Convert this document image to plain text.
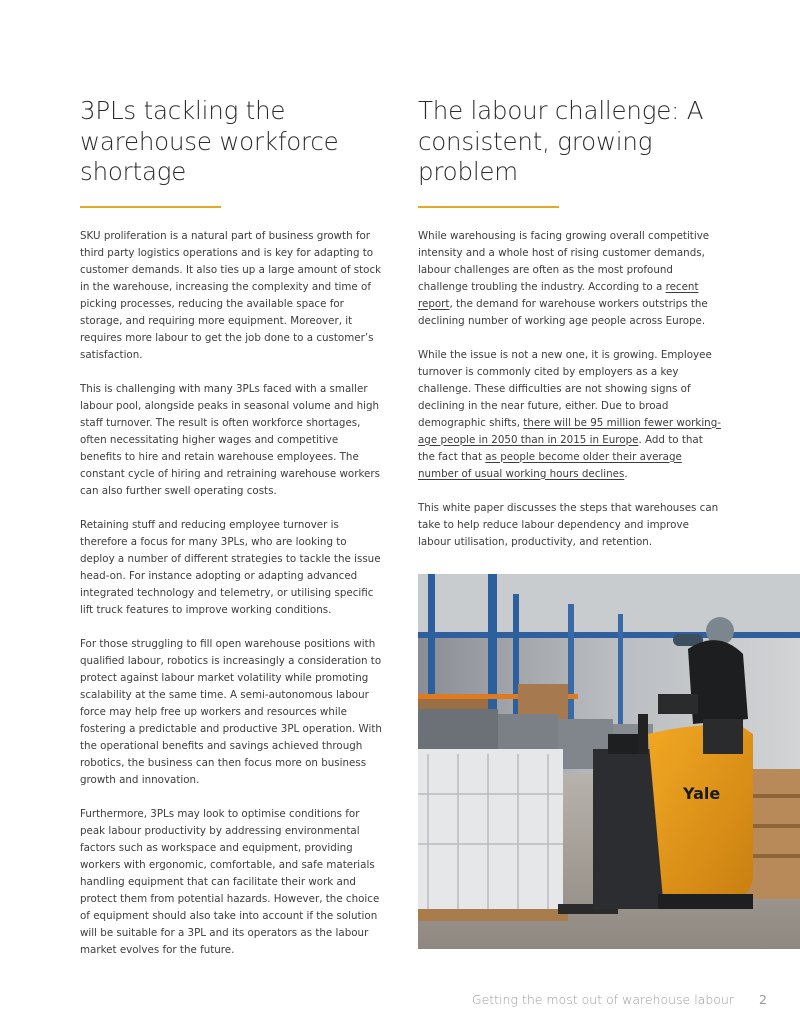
3PLs tackling the warehouse workforce shortage

SKU proliferation is a natural part of business growth for third party logistics operations and is key for adapting to customer demands. It also ties up a large amount of stock in the warehouse, increasing the complexity and time of picking processes, reducing the available space for storage, and requiring more equipment. Moreover, it requires more labour to get the job done to a customer’s satisfaction.

This is challenging with many 3PLs faced with a smaller labour pool, alongside peaks in seasonal volume and high staff turnover. The result is often workforce shortages, often necessitating higher wages and competitive benefits to hire and retain warehouse employees. The constant cycle of hiring and retraining warehouse workers can also further swell operating costs.

Retaining stuff and reducing employee turnover is therefore a focus for many 3PLs, who are looking to deploy a number of different strategies to tackle the issue head-on. For instance adopting or adapting advanced integrated technology and telemetry, or utilising specific lift truck features to improve working conditions.

For those struggling to fill open warehouse positions with qualified labour, robotics is increasingly a consideration to protect against labour market volatility while promoting scalability at the same time. A semi-autonomous labour force may help free up workers and resources while fostering a predictable and productive 3PL operation. With the operational benefits and savings achieved through robotics, the business can then focus more on business growth and innovation.

Furthermore, 3PLs may look to optimise conditions for peak labour productivity by addressing environmental factors such as workspace and equipment, providing workers with ergonomic, comfortable, and safe materials handling equipment that can facilitate their work and protect them from potential hazards. However, the choice of equipment should also take into account if the solution will be suitable for a 3PL and its operators as the labour market evolves for the future.

The labour challenge: A consistent, growing problem

While warehousing is facing growing overall competitive intensity and a whole host of rising customer demands, labour challenges are often as the most profound challenge troubling the industry. According to a recent report, the demand for warehouse workers outstrips the declining number of working age people across Europe.

While the issue is not a new one, it is growing. Employee turnover is commonly cited by employers as a key challenge. These difficulties are not showing signs of declining in the near future, either. Due to broad demographic shifts, there will be 95 million fewer working-age people in 2050 than in 2015 in Europe. Add to that the fact that as people become older their average number of usual working hours declines.

This white paper discusses the steps that warehouses can take to help reduce labour dependency and improve labour utilisation, productivity, and retention.

Yale
Getting the most out of warehouse labour 2
